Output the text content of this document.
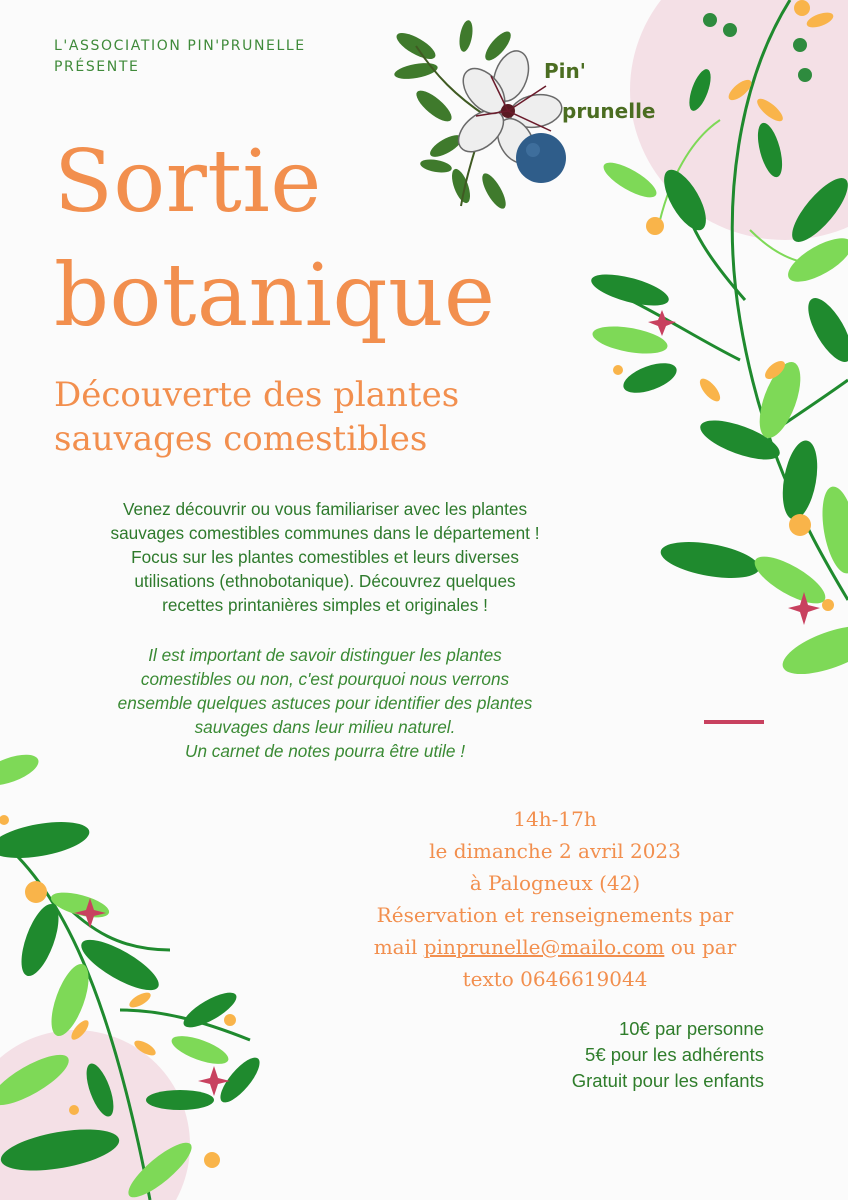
Pin'
prunelle
L'ASSOCIATION PIN'PRUNELLE
PRÉSENTE
Sortie
botanique
Découverte des plantes
sauvages comestibles
Venez découvrir ou vous familiariser avec les plantes
sauvages comestibles communes dans le département !
Focus sur les plantes comestibles et leurs diverses
utilisations (ethnobotanique). Découvrez quelques
recettes printanières simples et originales !
Il est important de savoir distinguer les plantes
comestibles ou non, c'est pourquoi nous verrons
ensemble quelques astuces pour identifier des plantes
sauvages dans leur milieu naturel.
Un carnet de notes pourra être utile !
14h-17h
le dimanche 2 avril 2023
à Palogneux (42)
Réservation et renseignements par
mail pinprunelle@mailo.com ou par
texto 0646619044
10€ par personne
5€ pour les adhérents
Gratuit pour les enfants
